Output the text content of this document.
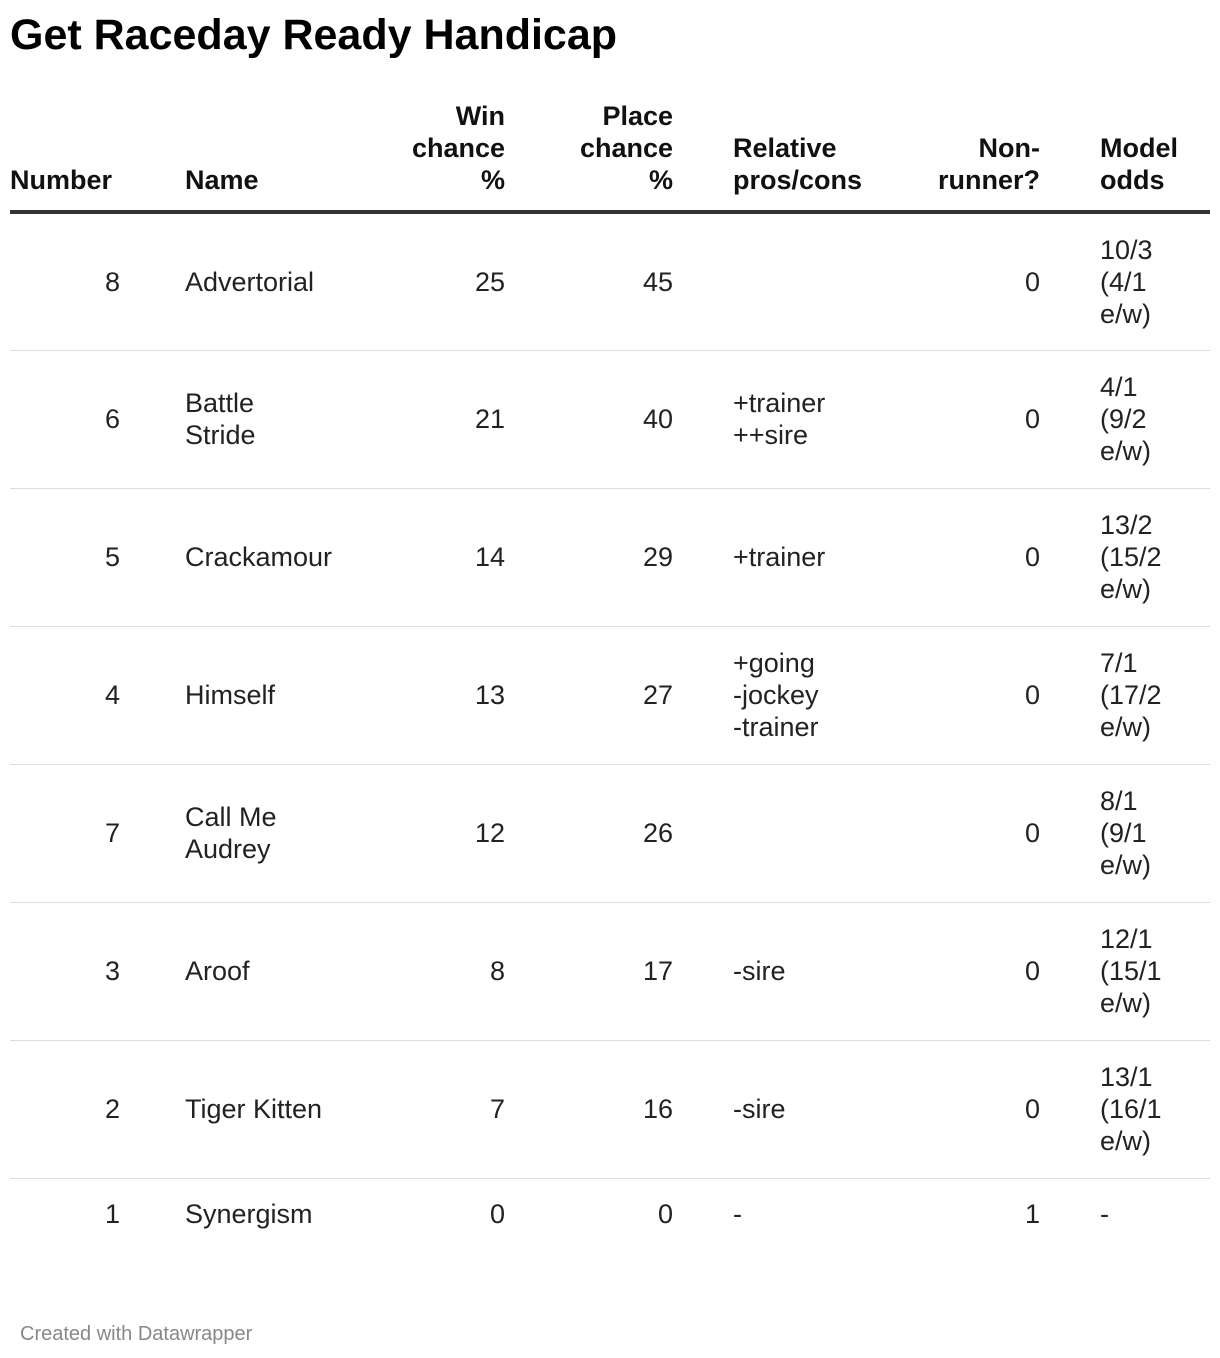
Get Raceday Ready Handicap
Number		Name	Win
chance
%	Place
chance
%		Relative
pros/cons	Non-
runner?		Model
odds

8		Advertorial	25	45			0		10/3
(4/1
e/w)

6		Battle
Stride	21	40		+trainer
++sire	0		4/1
(9/2
e/w)

5		Crackamour	14	29		+trainer	0		13/2
(15/2
e/w)

4		Himself	13	27		+going
-jockey
-trainer	0		7/1
(17/2
e/w)

7		Call Me
Audrey	12	26			0		8/1
(9/1
e/w)

3		Aroof	8	17		-sire	0		12/1
(15/1
e/w)

2		Tiger Kitten	7	16		-sire	0		13/1
(16/1
e/w)

1		Synergism	0	0		-	1		-
Created with Datawrapper
